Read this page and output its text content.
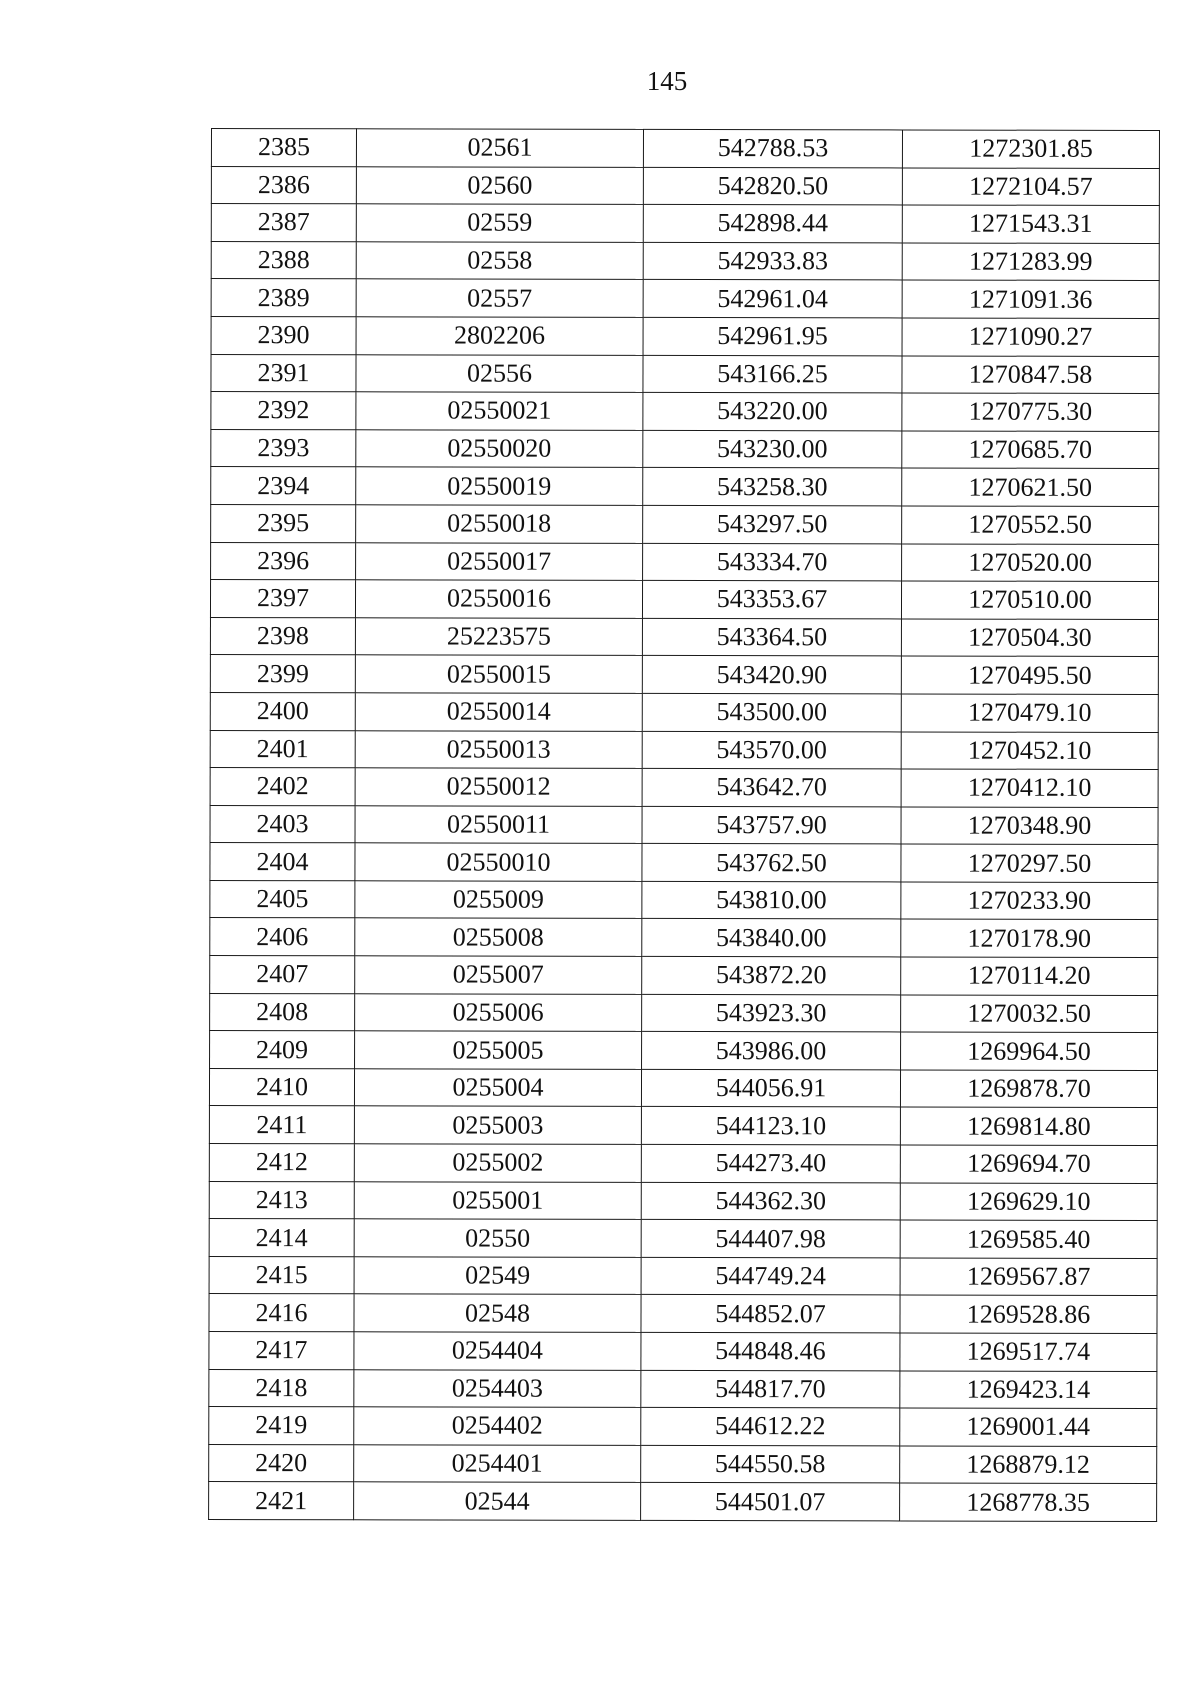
145
2385	02561	542788.53	1272301.85
2386	02560	542820.50	1272104.57
2387	02559	542898.44	1271543.31
2388	02558	542933.83	1271283.99
2389	02557	542961.04	1271091.36
2390	2802206	542961.95	1271090.27
2391	02556	543166.25	1270847.58
2392	02550021	543220.00	1270775.30
2393	02550020	543230.00	1270685.70
2394	02550019	543258.30	1270621.50
2395	02550018	543297.50	1270552.50
2396	02550017	543334.70	1270520.00
2397	02550016	543353.67	1270510.00
2398	25223575	543364.50	1270504.30
2399	02550015	543420.90	1270495.50
2400	02550014	543500.00	1270479.10
2401	02550013	543570.00	1270452.10
2402	02550012	543642.70	1270412.10
2403	02550011	543757.90	1270348.90
2404	02550010	543762.50	1270297.50
2405	0255009	543810.00	1270233.90
2406	0255008	543840.00	1270178.90
2407	0255007	543872.20	1270114.20
2408	0255006	543923.30	1270032.50
2409	0255005	543986.00	1269964.50
2410	0255004	544056.91	1269878.70
2411	0255003	544123.10	1269814.80
2412	0255002	544273.40	1269694.70
2413	0255001	544362.30	1269629.10
2414	02550	544407.98	1269585.40
2415	02549	544749.24	1269567.87
2416	02548	544852.07	1269528.86
2417	0254404	544848.46	1269517.74
2418	0254403	544817.70	1269423.14
2419	0254402	544612.22	1269001.44
2420	0254401	544550.58	1268879.12
2421	02544	544501.07	1268778.35
